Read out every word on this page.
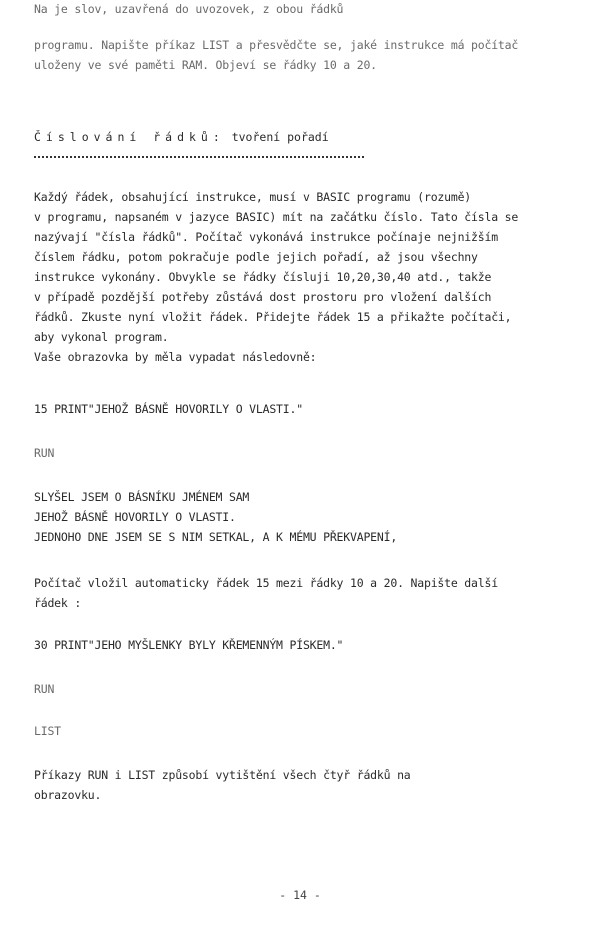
Na je slov, uzavřená do uvozovek, z obou řádků
programu. Napište příkaz LIST a přesvědčte se, jaké instrukce má počítač
uloženy ve své paměti RAM. Objeví se řádky 10 a 20.
Číslování řádků: tvoření pořadí
Každý řádek, obsahující instrukce, musí v BASIC programu (rozumě)
v programu, napsaném v jazyce BASIC) mít na začátku číslo. Tato čísla se
nazývají "čísla řádků". Počítač vykonává instrukce počínaje nejnižším
číslem řádku, potom pokračuje podle jejich pořadí, až jsou všechny
instrukce vykonány. Obvykle se řádky čísluji 10,20,30,40 atd., takže
v případě pozdější potřeby zůstává dost prostoru pro vložení dalších
řádků. Zkuste nyní vložit řádek. Přidejte řádek 15 a přikažte počítači,
aby vykonal program.
Vaše obrazovka by měla vypadat následovně:
15 PRINT"JEHOŽ BÁSNĚ HOVORILY O VLASTI."
RUN
SLYŠEL JSEM O BÁSNÍKU JMÉNEM SAM
JEHOŽ BÁSNĚ HOVORILY O VLASTI.
JEDNOHO DNE JSEM SE S NIM SETKAL, A K MÉMU PŘEKVAPENÍ,
Počítač vložil automaticky řádek 15 mezi řádky 10 a 20. Napište další
řádek :
30 PRINT"JEHO MYŠLENKY BYLY KŘEMENNÝM PÍSKEM."
RUN
LIST
Příkazy RUN i LIST způsobí vytištění všech čtyř řádků na
obrazovku.
- 14 -
